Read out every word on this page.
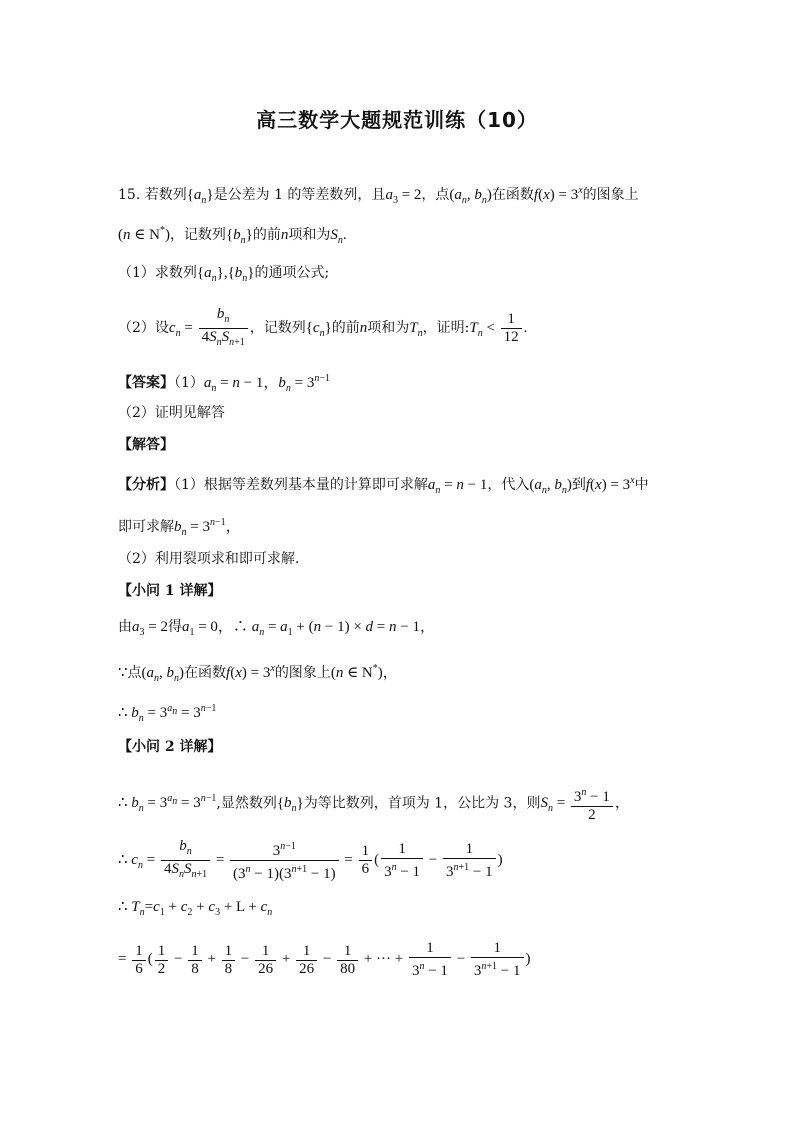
高三数学大题规范训练（10）
15. 若数列$\{a_n\}$是公差为 1 的等差数列，且$a_3 = 2$，点($a_n$, $b_n$)在函数$f(x) = 3^x$的图象上
(n ∈ N*)，记数列$\{b_n\}$的前n项和为$S_n$.
（1）求数列$\{a_n\},\{b_n\}$的通项公式;
（2）设$c_n = \frac{b_n}{4S_nS_{n+1}}$ ，记数列$\{c_n\}$的前n项和为$T_n$，证明$:T_n < \frac{1}{12}$ .
【答案】$(1)a_n = n - 1$，$b_n = 3^{n-1}$
（2）证明见解答
【解答】
【分析】（1）根据等差数列基本量的计算即可求解$a_n = n - 1$，代入($a_n$, $b_n$)到$f(x) = 3^x$中
即可求解$b_n = 3^{n-1}$，
（2）利用裂项求和即可求解.
【小问 1 详解】
由$a_3 = 2$得$a_1 = 0$，∴ $a_n = a_1 + (n - 1) \times d = n - 1$，
∵点($a_n$, $b_n$)在函数$f(x) = 3^x$的图象上(n ∈ N*)，
∴ $b_n = 3^{a_n} = 3^{n-1}$
【小问 2 详解】
∴ $b_n = 3^{a_n} = 3^{n-1}$,显然数列$\{b_n\}$为等比数列，首项为 1，公比为 3，则$S_n = \frac{3^n - 1}{2}$ ，
∴ $c_n = \frac{b_n}{4S_nS_{n+1}} = \frac{3^{n-1}}{(3^n - 1)(3^{n+1} - 1)} = \frac{1}{6}$ ( $\frac{1}{3^n - 1} - \frac{1}{3^{n+1} - 1}$ )
∴ $T_n=c_1 + c_2 + c_3 + L + c_n$
= $\frac{1}{6}$ ( $\frac{1}{2} - \frac{1}{8} + \frac{1}{8} - \frac{1}{26} + \frac{1}{26} - \frac{1}{80}$ + ··· + $\frac{1}{3^n - 1} - \frac{1}{3^{n+1} - 1}$ )
